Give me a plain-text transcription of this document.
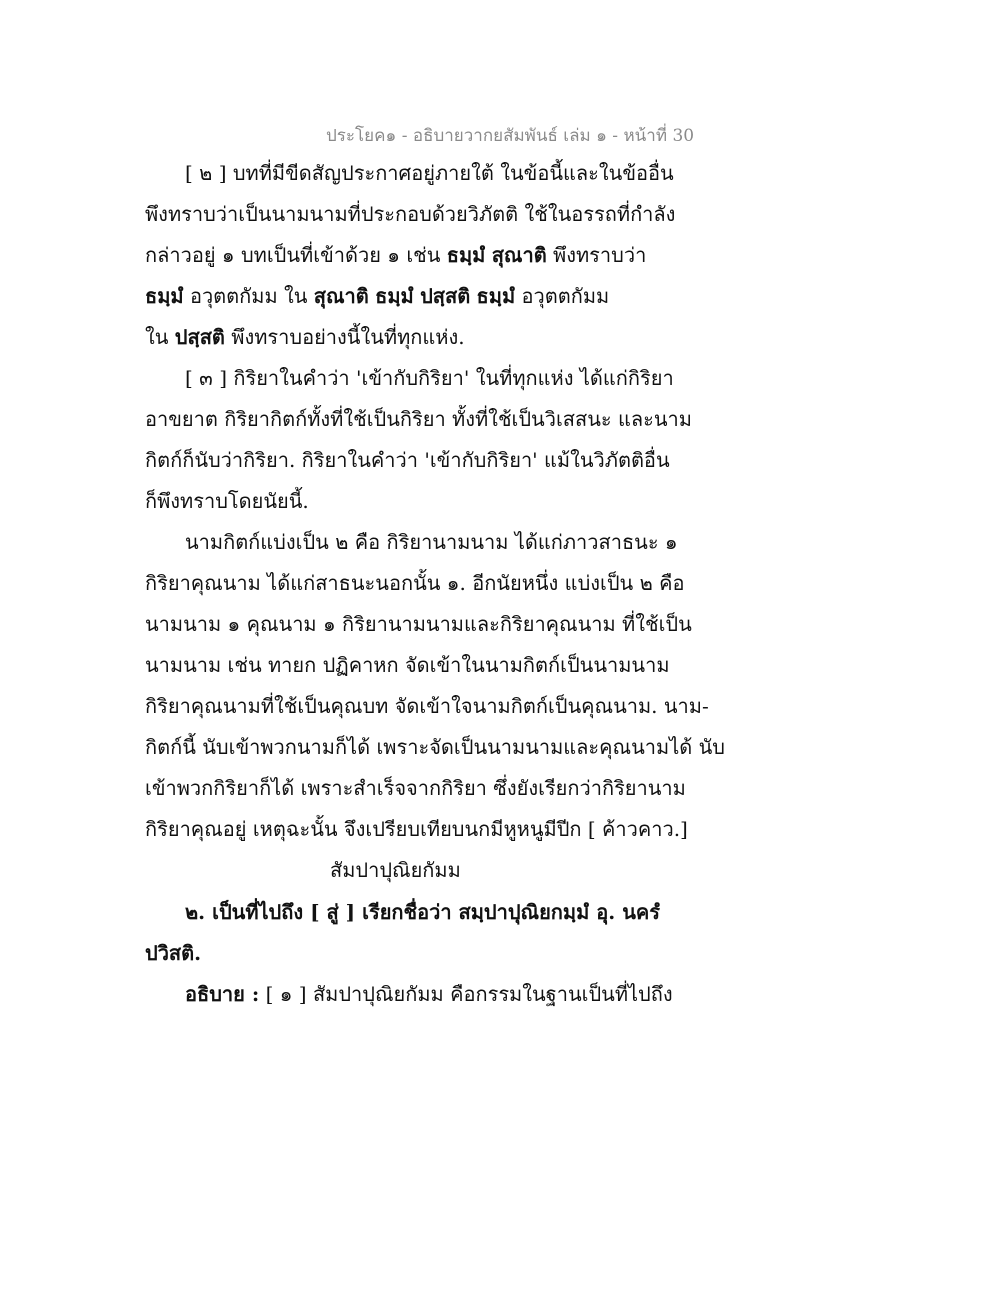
ประโยค๑ - อธิบายวากยสัมพันธ์ เล่ม ๑ - หน้าที่ 30
[ ๒ ] บทที่มีขีดสัญประกาศอยู่ภายใต้ ในข้อนี้และในข้ออื่น
พึงทราบว่าเป็นนามนามที่ประกอบด้วยวิภัตติ ใช้ในอรรถที่กำลัง
กล่าวอยู่ ๑ บทเป็นที่เข้าด้วย ๑ เช่น ธมฺมํ สุณาติ พึงทราบว่า
ธมฺมํ อวุตตกัมม ใน สุณาติ ธมฺมํ ปสฺสติ ธมฺมํ อวุตตกัมม
ใน ปสฺสติ พึงทราบอย่างนี้ในที่ทุกแห่ง.
[ ๓ ] กิริยาในคำว่า 'เข้ากับกิริยา' ในที่ทุกแห่ง ได้แก่กิริยา
อาขยาต กิริยากิตก์ทั้งที่ใช้เป็นกิริยา ทั้งที่ใช้เป็นวิเสสนะ และนาม
กิตก์ก็นับว่ากิริยา. กิริยาในคำว่า 'เข้ากับกิริยา' แม้ในวิภัตติอื่น
ก็พึงทราบโดยนัยนี้.
นามกิตก์แบ่งเป็น ๒ คือ กิริยานามนาม ได้แก่ภาวสาธนะ ๑
กิริยาคุณนาม ได้แก่สาธนะนอกนั้น ๑. อีกนัยหนึ่ง แบ่งเป็น ๒ คือ
นามนาม ๑ คุณนาม ๑ กิริยานามนามและกิริยาคุณนาม ที่ใช้เป็น
นามนาม เช่น ทายก ปฏิคาหก จัดเข้าในนามกิตก์เป็นนามนาม
กิริยาคุณนามที่ใช้เป็นคุณบท จัดเข้าใจนามกิตก์เป็นคุณนาม. นาม-
กิตก์นี้ นับเข้าพวกนามก็ได้ เพราะจัดเป็นนามนามและคุณนามได้ นับ
เข้าพวกกิริยาก็ได้ เพราะสำเร็จจากกิริยา ซึ่งยังเรียกว่ากิริยานาม
กิริยาคุณอยู่ เหตุฉะนั้น จึงเปรียบเทียบนกมีหูหนูมีปีก [ ค้าวคาว.]
สัมปาปุณิยกัมม
๒. เป็นที่ไปถึง [ สู่ ] เรียกชื่อว่า สมฺปาปุณิยกมฺมํ อุ. นครํ
ปวิสติ.
อธิบาย : [ ๑ ] สัมปาปุณิยกัมม คือกรรมในฐานเป็นที่ไปถึง
